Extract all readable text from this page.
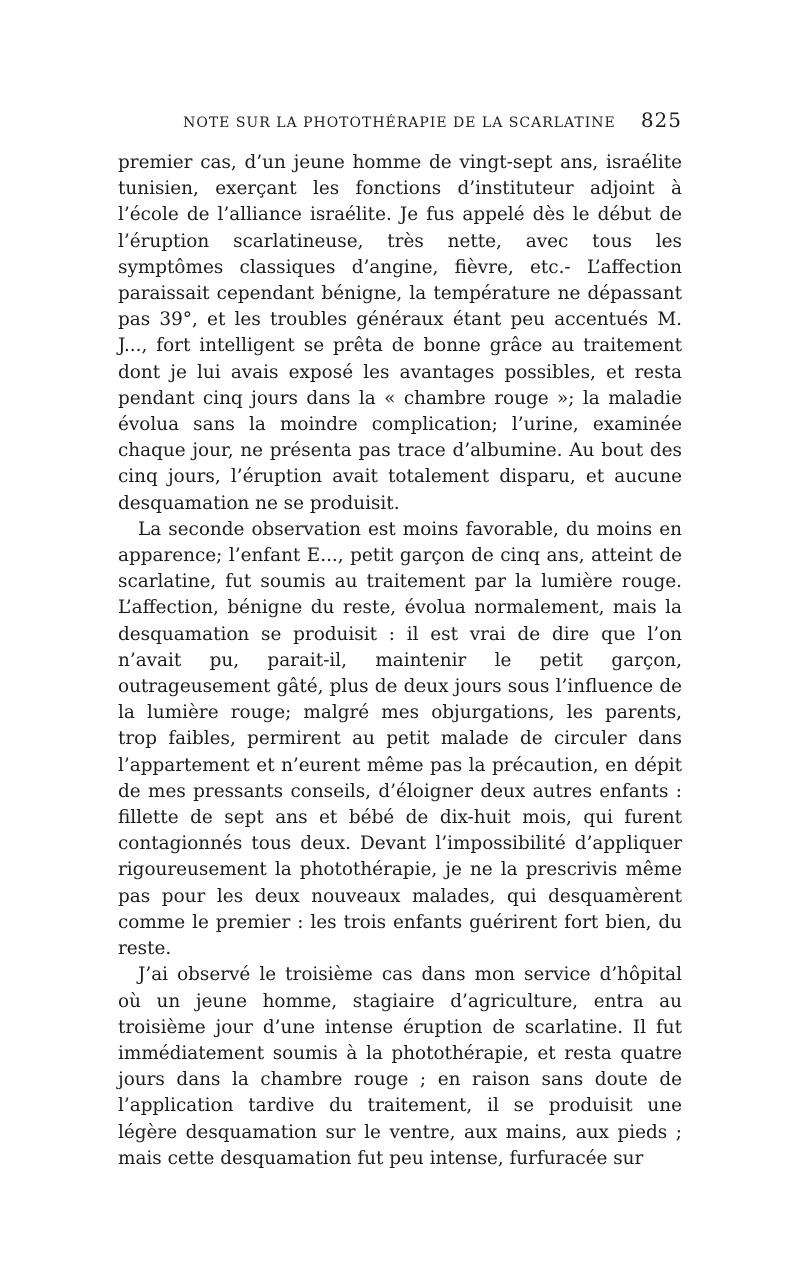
NOTE SUR LA PHOTOTHÉRAPIE DE LA SCARLATINE	825

premier cas, d’un jeune homme de vingt-sept ans, israélite tunisien, exerçant les fonctions d’instituteur adjoint à l’école de l’alliance israélite. Je fus appelé dès le début de l’éruption scarlatineuse, très nette, avec tous les symptômes classiques d’angine, fièvre, etc.- L’affection paraissait cependant bénigne, la température ne dépassant pas 39°, et les troubles généraux étant peu accentués M. J..., fort intelligent se prêta de bonne grâce au traitement dont je lui avais exposé les avantages possibles, et resta pendant cinq jours dans la « chambre rouge »; la maladie évolua sans la moindre complication; l’urine, examinée chaque jour, ne présenta pas trace d’albumine. Au bout des cinq jours, l’éruption avait totalement disparu, et aucune desquamation ne se produisit.

La seconde observation est moins favorable, du moins en apparence; l’enfant E..., petit garçon de cinq ans, atteint de scarlatine, fut soumis au traitement par la lumière rouge. L’affection, bénigne du reste, évolua normalement, mais la desquamation se produisit : il est vrai de dire que l’on n’avait pu, parait-il, maintenir le petit garçon, outrageusement gâté, plus de deux jours sous l’influence de la lumière rouge; malgré mes objurgations, les parents, trop faibles, permirent au petit malade de circuler dans l’appartement et n’eurent même pas la précaution, en dépit de mes pressants conseils, d’éloigner deux autres enfants : fillette de sept ans et bébé de dix-huit mois, qui furent contagionnés tous deux. Devant l’impossibilité d’appliquer rigoureusement la photothérapie, je ne la prescrivis même pas pour les deux nouveaux malades, qui desquamèrent comme le premier : les trois enfants guérirent fort bien, du reste.

J’ai observé le troisième cas dans mon service d’hôpital où un jeune homme, stagiaire d’agriculture, entra au troisième jour d’une intense éruption de scarlatine. Il fut immédiatement soumis à la photothérapie, et resta quatre jours dans la chambre rouge ; en raison sans doute de l’application tardive du traitement, il se produisit une légère desquamation sur le ventre, aux mains, aux pieds ; mais cette desquamation fut peu intense, furfuracée sur
